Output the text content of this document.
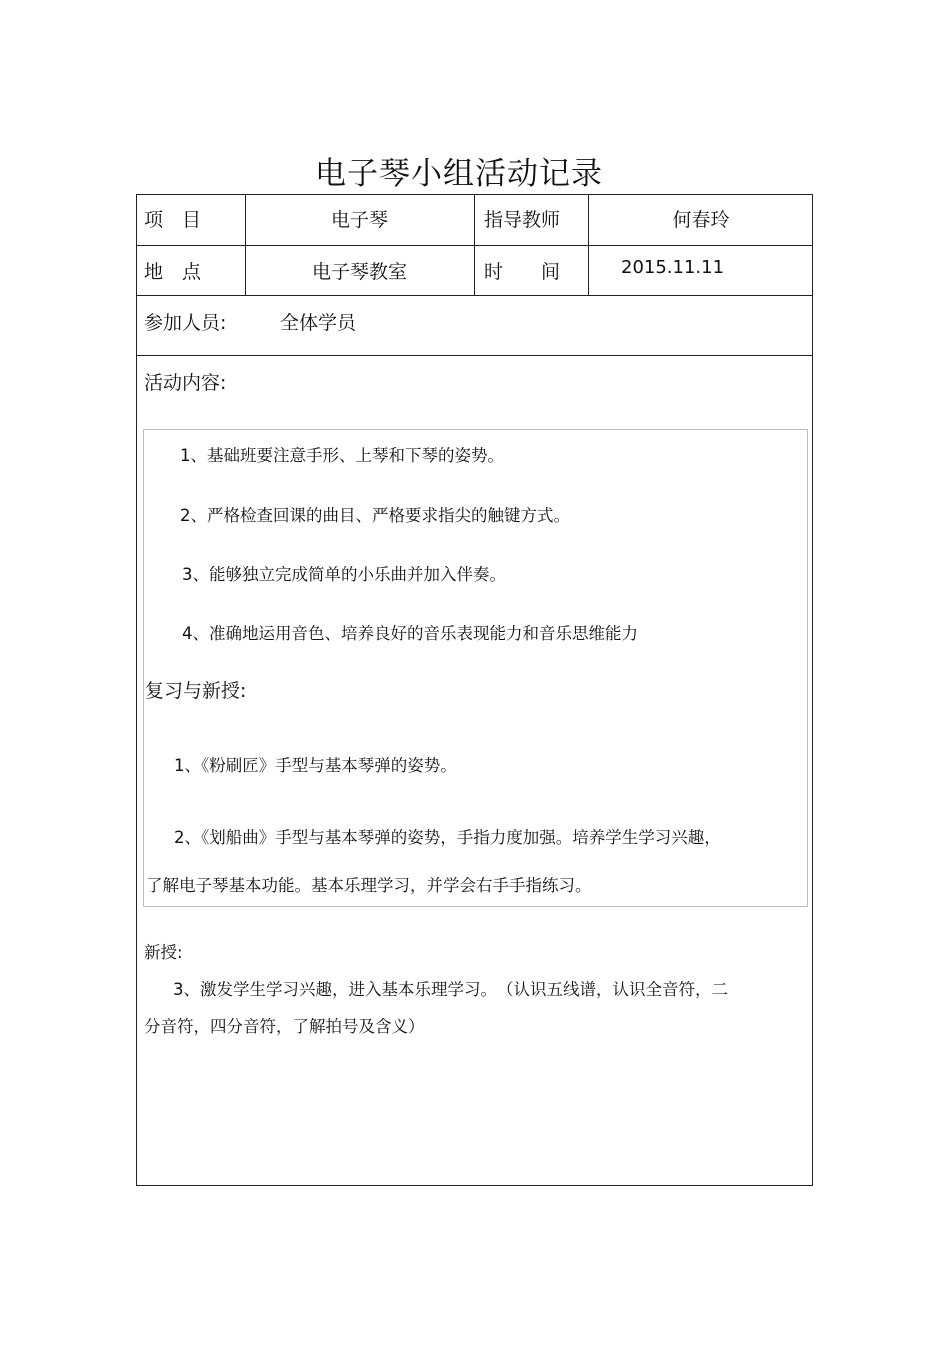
电子琴小组活动记录
项　目	电子琴	指导教师	何春玲
地　点	电子琴教室	时　　间	2015.11.11
参加人员:	全体学员
活动内容:
1、基础班要注意手形、上琴和下琴的姿势。
2、严格检查回课的曲目、严格要求指尖的触键方式。
3、能够独立完成简单的小乐曲并加入伴奏。
4、准确地运用音色、培养良好的音乐表现能力和音乐思维能力
复习与新授:
1、《粉刷匠》手型与基本琴弹的姿势。
2、《划船曲》手型与基本琴弹的姿势，手指力度加强。培养学生学习兴趣，
了解电子琴基本功能。基本乐理学习，并学会右手手指练习。
新授:
3、激发学生学习兴趣，进入基本乐理学习。　（认识五线谱，认识全音符，二
分音符，四分音符，了解拍号及含义）
